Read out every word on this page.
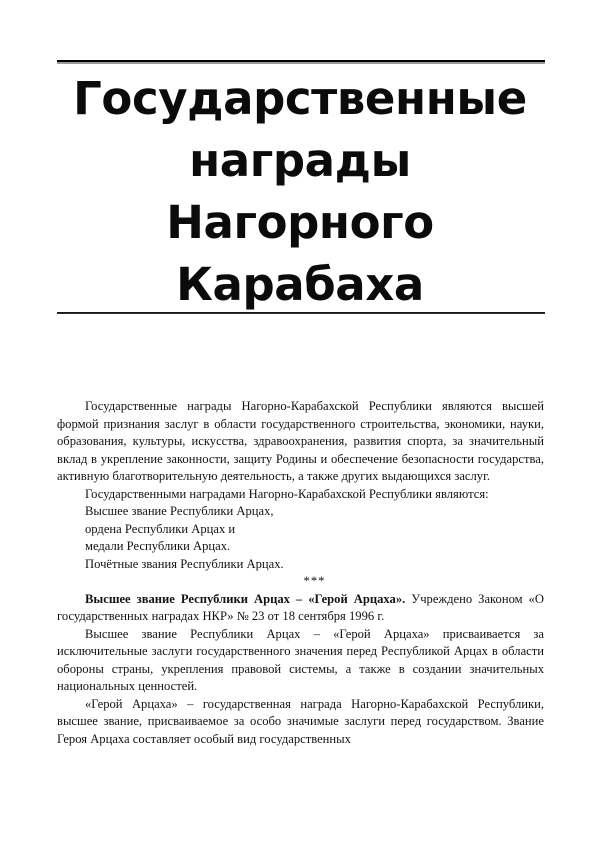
Государственные
награды
Нагорного
Карабаха

Государственные награды Нагорно-Карабахской Республики являются высшей формой признания заслуг в области государственного строительства, экономики, науки, образования, культуры, искусства, здравоохранения, развития спорта, за значительный вклад в укрепление законности, защиту Родины и обеспечение безопасности государства, активную благотворительную деятельность, а также других выдающихся заслуг.

Государственными наградами Нагорно-Карабахской Республики являются:

Высшее звание Республики Арцах,

ордена Республики Арцах и

медали Республики Арцах.

Почётные звания Республики Арцах.

***

Высшее звание Республики Арцах – «Герой Арцаха». Учреждено Законом «О государственных наградах НКР» № 23 от 18 сентября 1996 г.

Высшее звание Республики Арцах – «Герой Арцаха» присваивается за исключительные заслуги государственного значения перед Республикой Арцах в области обороны страны, укрепления правовой системы, а также в создании значительных национальных ценностей.

«Герой Арцаха» – государственная награда Нагорно-Карабахской Республики, высшее звание, присваиваемое за особо значимые заслуги перед государством. Звание Героя Арцаха составляет особый вид государственных
